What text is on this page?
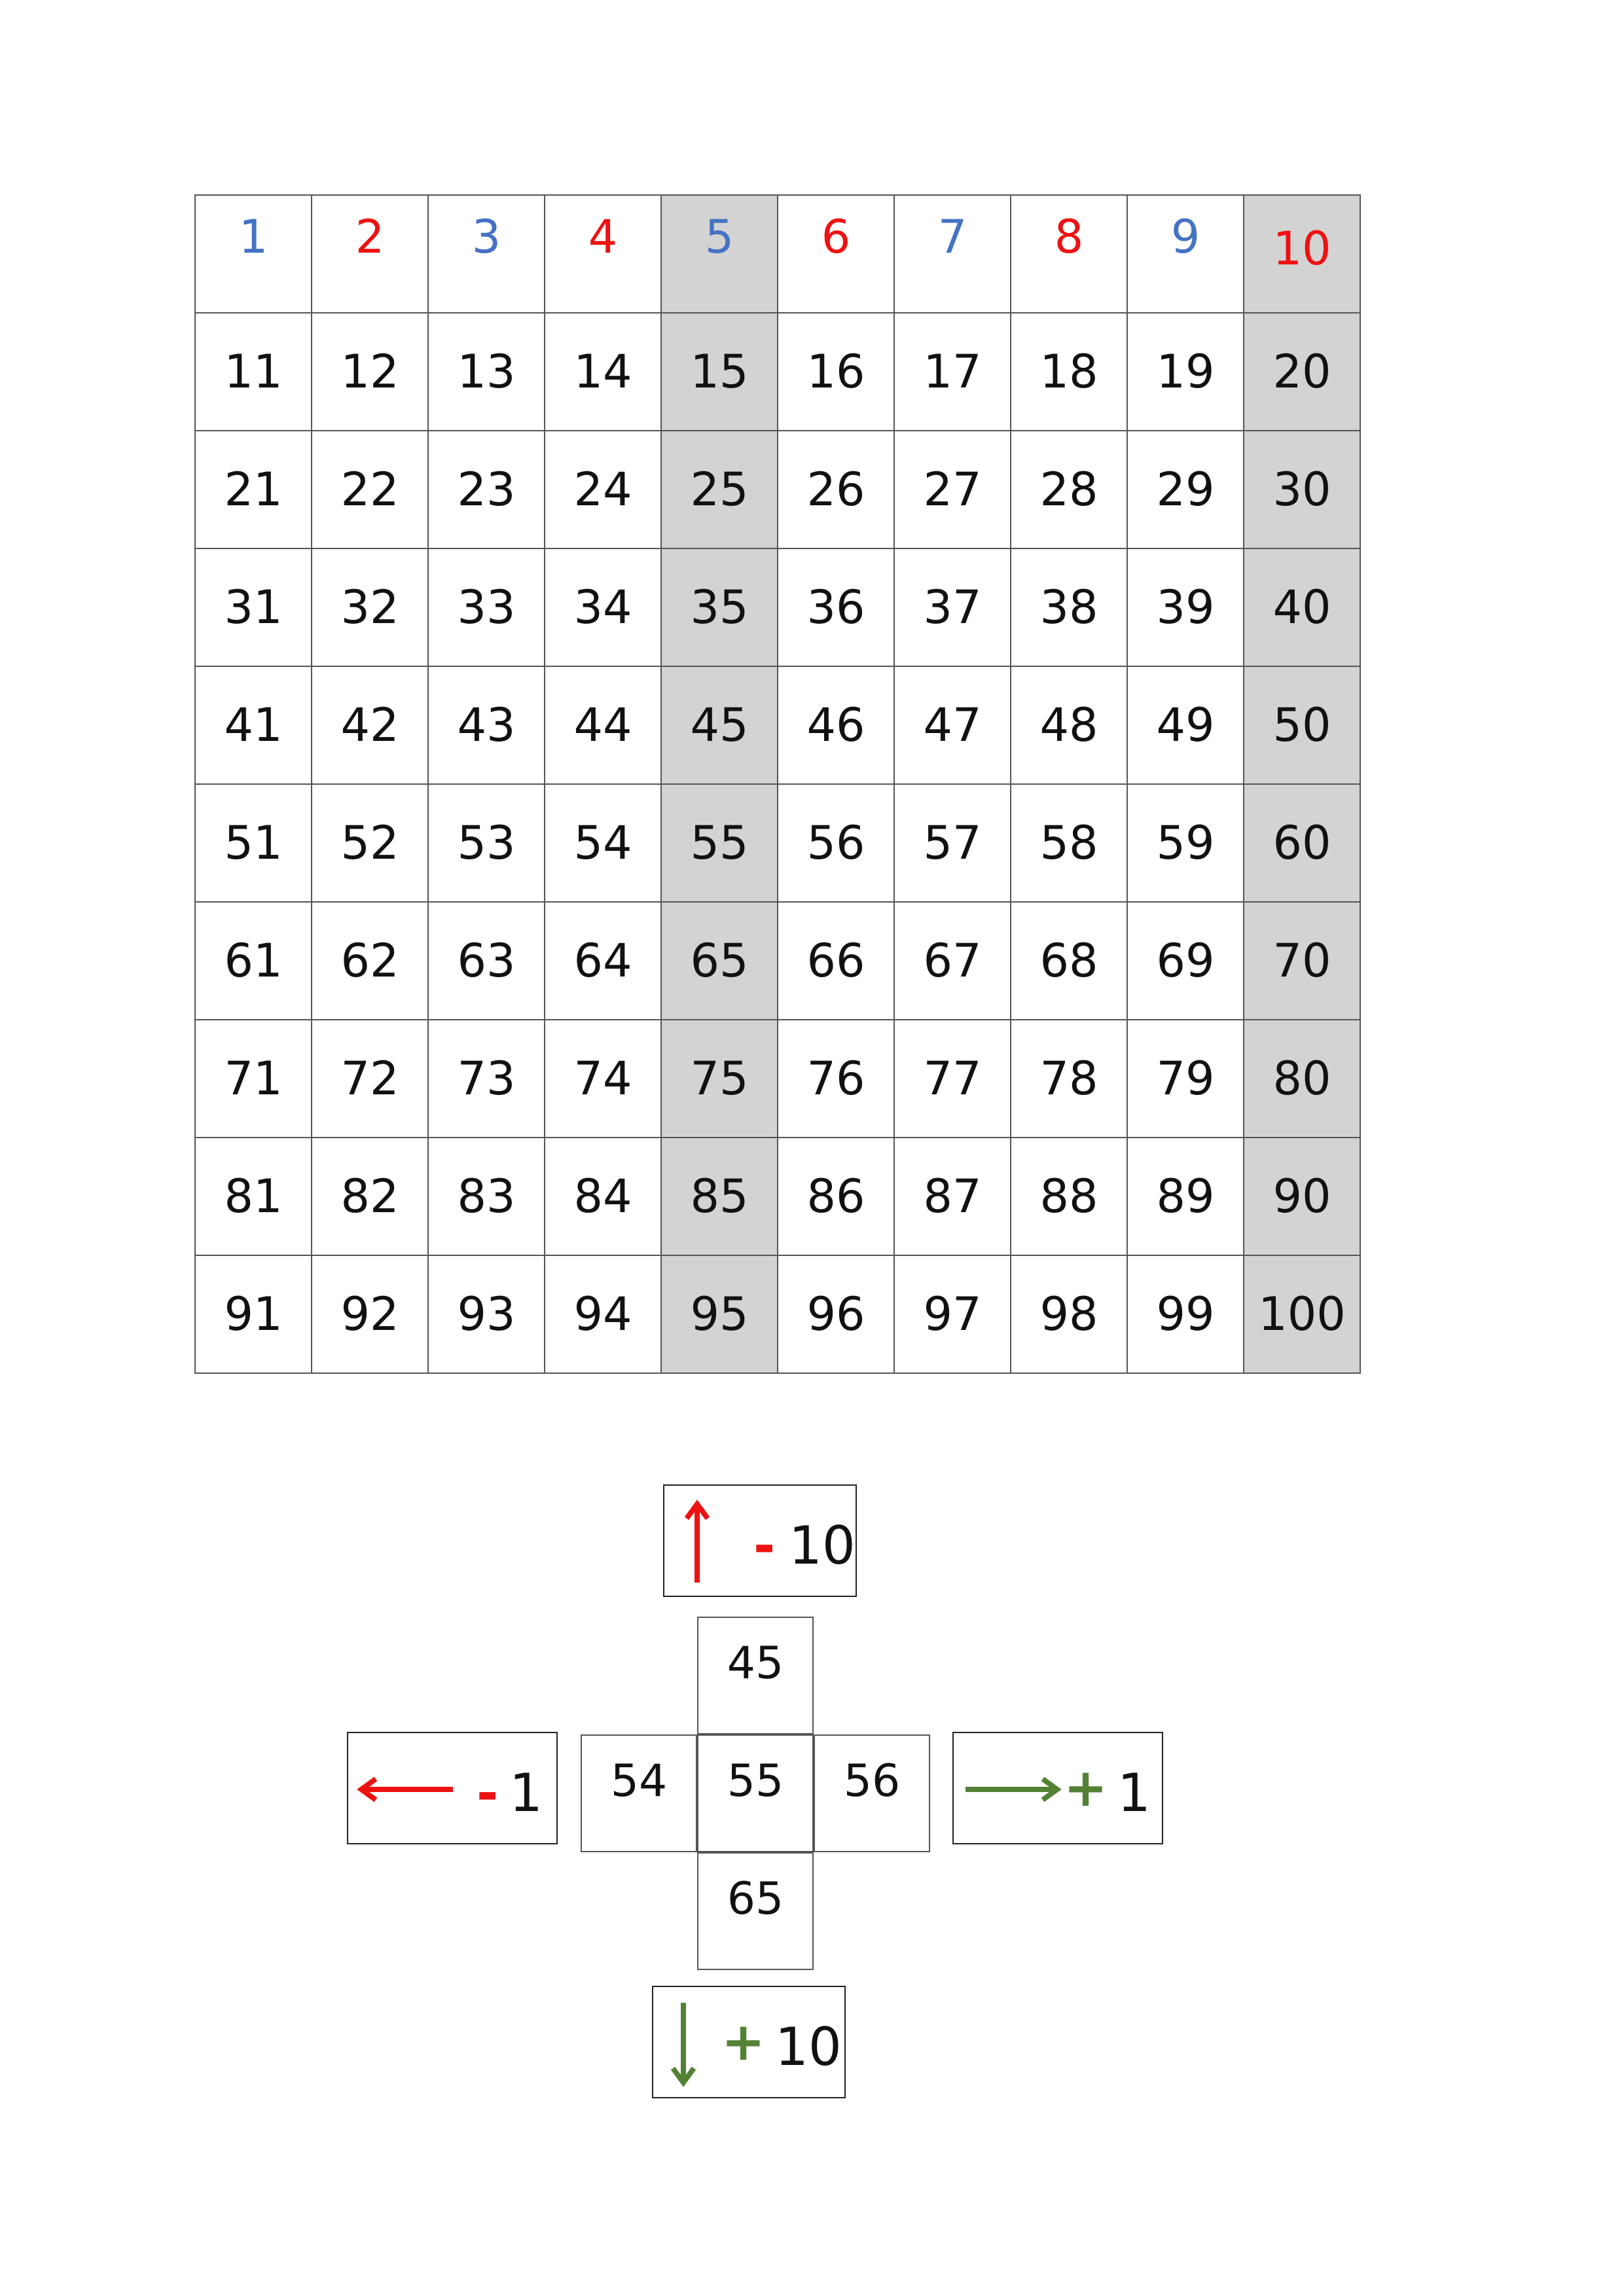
1	2	3	4	5	6	7	8	9	10
11	12	13	14	15	16	17	18	19	20
21	22	23	24	25	26	27	28	29	30
31	32	33	34	35	36	37	38	39	40
41	42	43	44	45	46	47	48	49	50
51	52	53	54	55	56	57	58	59	60
61	62	63	64	65	66	67	68	69	70
71	72	73	74	75	76	77	78	79	80
81	82	83	84	85	86	87	88	89	90
91	92	93	94	95	96	97	98	99 100
- 10
- 1	+ 1
+ 10
45
54	55	56
65
